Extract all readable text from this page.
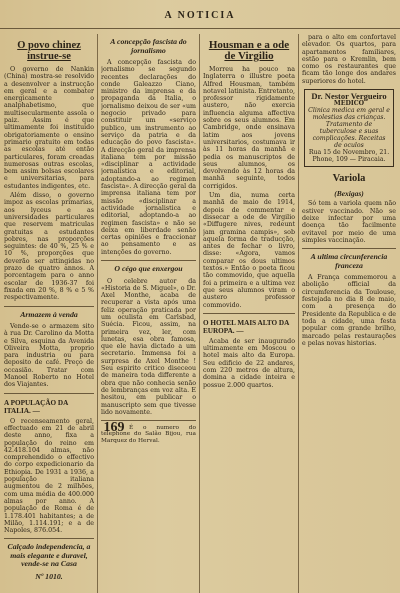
A NOTICIA
O povo chinez instrue-se

O governo de Nankin (China) mostra-se resolvido a desenvolver a instrucção em geral e a combater energicamente o analphabetismo, que multisecularmente assola o paiz. Assim é que ultimamente foi instituido obrigatoriamente o ensino primario gratuito em todas as escolas até então particulares, foram creadas numerosas outras escolas, bem assim bolsas escolares e universitarias, para estudantes indigentes, etc.

Além disso, o governo impoz as escolas primarias, aos lyceus e as universidades particulares que reservem matriculas gratuitas a estudantes pobres, nas proporções seguintes: de 40 %, 25 % e 10 %, proporções que deverão ser attingidas no prazo de quatro annos. A porcentagem para o anno escolar de 1936-37 foi fixada em 20 %, 8 % e 5 % respectivamente.

Armazem à venda

Vende-se o armazem sito à rua Dr. Carolino da Motta e Silva, esquina da Avenida Oliveira Motta, proprio para industria ou para deposito de café. Preço de occasião. Tratar com Manoel Roberto no Hotel dos Viajantes.

A POPULAÇÃO DA ITALIA. —

O recenseamento geral, effectuado em 21 de abril deste anno, fixa a população do reino em 42.418.104 almas, não comprehendido o effectivo do corpo expedicionario da Ethiopia. De 1931 a 1936, a população italiana augmentou de 2 milhões, com uma média de 400.000 almas por anno. A população de Roma é de 1.178.401 habitantes; a de Milão, 1.114.191; e a de Napoles, 876.054.

Calçado independencia, a mais elegante e duravel, vende-se na Casa
Nº 1010.
A concepção fascista do jornalismo

A concepção fascista do jornalismo se segundo recentes declarações do conde Galeazzo Ciano, ministro da imprensa e da propaganda da Italia, o jornalismo deixou de ser «um negocio privado para constituir um «serviço publico, um instrumento ao serviço da patria e da educação do povo fascista». A direcção geral da imprensa italiana tem por missão «disciplinar a actividade jornalistica e editorial, adoptando-a ao regimen fascista». A direcção geral da imprensa italiana tem por missão «disciplinar a actividade jornalistica e editorial, adoptando-a ao regimen fascista» e não se deixa em liberdade senão certas opiniões e fraccionar ao pensamento e as intenções do governo.

O cégo que enxergou

O celebre autor da «Historia de S. Miguel», o Dr. Axel Monthe, acaba de recuperar a vista após uma feliz operação praticada por um oculista em Carlsbad, Suécia. Ficou, assim, na primeira vez, ler, com lunetas, esa obra famosa, que ele havia dictado a um secretario. Immensa foi a surpresa de Axel Monthe ! Seu espirito critico diseceou de maneira toda differente a obra que não conhecia senão de lembranças em voz alta. E hesitou, em publicar o manuscripto sem que tivesse lido novamente.

169 É o numero do telephone do Salão Bijou, rua Marquez do Herval.
Housman e a ode de Virgilio

Morreu ha pouco na Inglaterra o illustre poeta Alfred Housman, também notavel latinista. Entretanto, professor rigidamente austero, não exercia influencia alguma affectiva sobre os seus alumnos. Em Cambridge, onde ensinava latim aos jovens universitarios, costumava ir às 11 horas da manhã e pedia os manuscriptos de seus alumnos, os devolvendo às 12 horas da manhã seguinte, todos corrigidos.

Um dia, numa certa manhã de maio de 1914, depois de commentar e dissecar a ode de Virgilio «Diffugere nives, redeunt jam gramina campis», sob aquela forma de traducção, antes de fechar o livro, disse: «Agora, vamos comparar os dous ultimos textos.» Então o poeta ficou tão commovido, que aquella foi a primeira e a ultima vez que seus alumnos viram o austero professor commovido.

O HOTEL MAIS ALTO DA EUROPA. —

Acaba de ser inaugurado ultimamente em Moscou o hotel mais alto da Europa. Seu edificio de 22 andares, com 220 metros de altura, domina a cidade inteira e possue 2.000 quartos.

para o alto em confortavel elevador. Os quartos, para apartamentos familiares, estão para o Kremlin, bem como os restaurantes que ficam tão longe dos andares superiores do hotel.

Dr. Nestor Vergueiro
MEDICO
Clinica medica em geral e molestias das crianças. Tratamento de tuberculose e suas complicações. Receitas de oculos
Rua 15 de Novembro, 21. Phone, 109 — Piracaia.
Variola
(Bexigas)

Só tem a variola quem não estiver vaccinado. Não se deixe infectar por uma doença tão facilmente evitavel por meio de uma simples vaccinação.

A ultima circunferencia franceza

A França commemorou a abolição official da circumferencia da Toulouse, festejada no dia 8 de maio, com a presença do Presidente da Republica e de toda a cidade, uma festa popular com grande brilho, marcado pelas restaurações e pelas novas historias.
